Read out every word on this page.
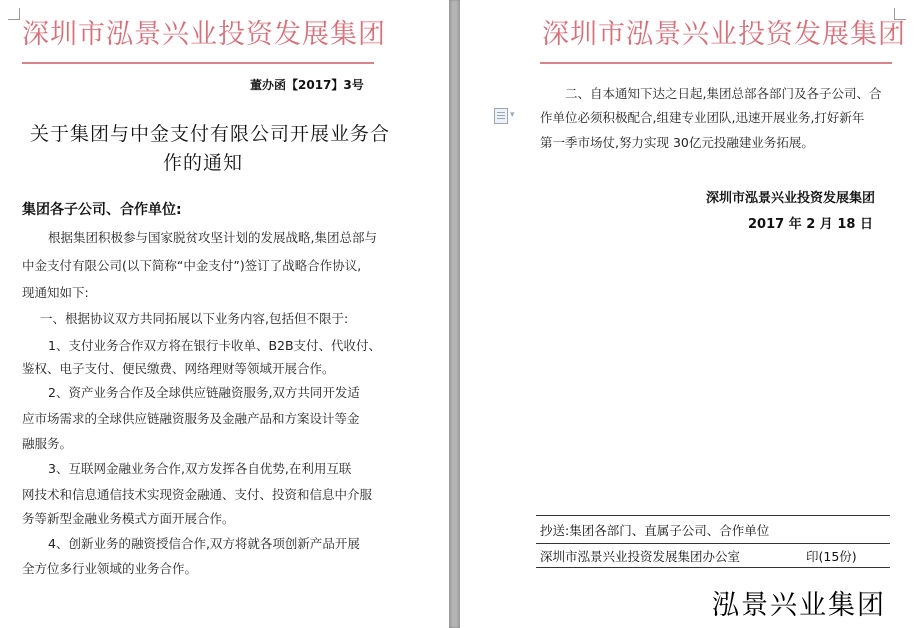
深圳市泓景兴业投资发展集团
董办函【2017】3号
关于集团与中金支付有限公司开展业务合
作的通知
集团各子公司、合作单位:
根据集团积极参与国家脱贫攻坚计划的发展战略,集团总部与
中金支付有限公司(以下简称“中金支付”)签订了战略合作协议,
现通知如下:
一、根据协议双方共同拓展以下业务内容,包括但不限于:
1、支付业务合作双方将在银行卡收单、B2B支付、代收付、
鉴权、电子支付、便民缴费、网络理财等领域开展合作。
2、资产业务合作及全球供应链融资服务,双方共同开发适
应市场需求的全球供应链融资服务及金融产品和方案设计等金
融服务。
3、互联网金融业务合作,双方发挥各自优势,在利用互联
网技术和信息通信技术实现资金融通、支付、投资和信息中介服
务等新型金融业务模式方面开展合作。
4、创新业务的融资授信合作,双方将就各项创新产品开展
全方位多行业领域的业务合作。
深圳市泓景兴业投资发展集团
二、自本通知下达之日起,集团总部各部门及各子公司、合
作单位必须积极配合,组建专业团队,迅速开展业务,打好新年
第一季市场仗,努力实现 30亿元投融建业务拓展。
深圳市泓景兴业投资发展集团
2017 年 2 月 18 日
抄送:集团各部门、直属子公司、合作单位
深圳市泓景兴业投资发展集团办公室	印(15份)
泓景兴业集团
▾
